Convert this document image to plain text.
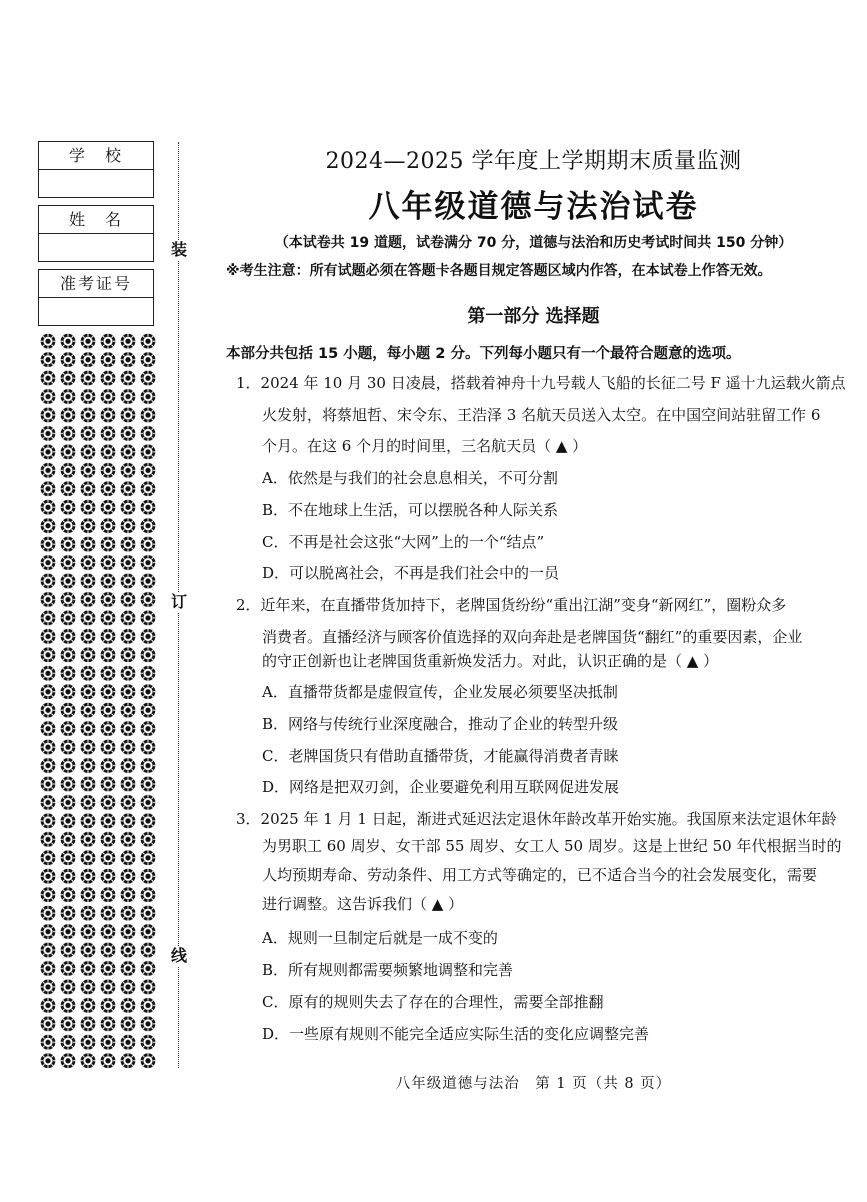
学　校
姓　名
准考证号
装
订
线
2024—2025 学年度上学期期末质量监测
八年级道德与法治试卷
（本试卷共 19 道题，试卷满分 70 分，道德与法治和历史考试时间共 150 分钟）
※考生注意：所有试题必须在答题卡各题目规定答题区域内作答，在本试卷上作答无效。
第一部分 选择题
本部分共包括 15 小题，每小题 2 分。下列每小题只有一个最符合题意的选项。
1．2024 年 10 月 30 日凌晨，搭载着神舟十九号载人飞船的长征二号 F 遥十九运载火箭点
火发射，将蔡旭哲、宋令东、王浩泽 3 名航天员送入太空。在中国空间站驻留工作 6
个月。在这 6 个月的时间里，三名航天员（ ▲ ）
A．依然是与我们的社会息息相关，不可分割
B．不在地球上生活，可以摆脱各种人际关系
C．不再是社会这张“大网”上的一个“结点”
D．可以脱离社会，不再是我们社会中的一员
2．近年来，在直播带货加持下，老牌国货纷纷“重出江湖”变身“新网红”，圈粉众多
消费者。直播经济与顾客价值选择的双向奔赴是老牌国货“翻红”的重要因素，企业
的守正创新也让老牌国货重新焕发活力。对此，认识正确的是（ ▲ ）
A．直播带货都是虚假宣传，企业发展必须要坚决抵制
B．网络与传统行业深度融合，推动了企业的转型升级
C．老牌国货只有借助直播带货，才能赢得消费者青睐
D．网络是把双刃剑，企业要避免利用互联网促进发展
3．2025 年 1 月 1 日起，渐进式延迟法定退休年龄改革开始实施。我国原来法定退休年龄
为男职工 60 周岁、女干部 55 周岁、女工人 50 周岁。这是上世纪 50 年代根据当时的
人均预期寿命、劳动条件、用工方式等确定的，已不适合当今的社会发展变化，需要
进行调整。这告诉我们（ ▲ ）
A．规则一旦制定后就是一成不变的
B．所有规则都需要频繁地调整和完善
C．原有的规则失去了存在的合理性，需要全部推翻
D．一些原有规则不能完全适应实际生活的变化应调整完善
八年级道德与法治　第 1 页（共 8 页）
